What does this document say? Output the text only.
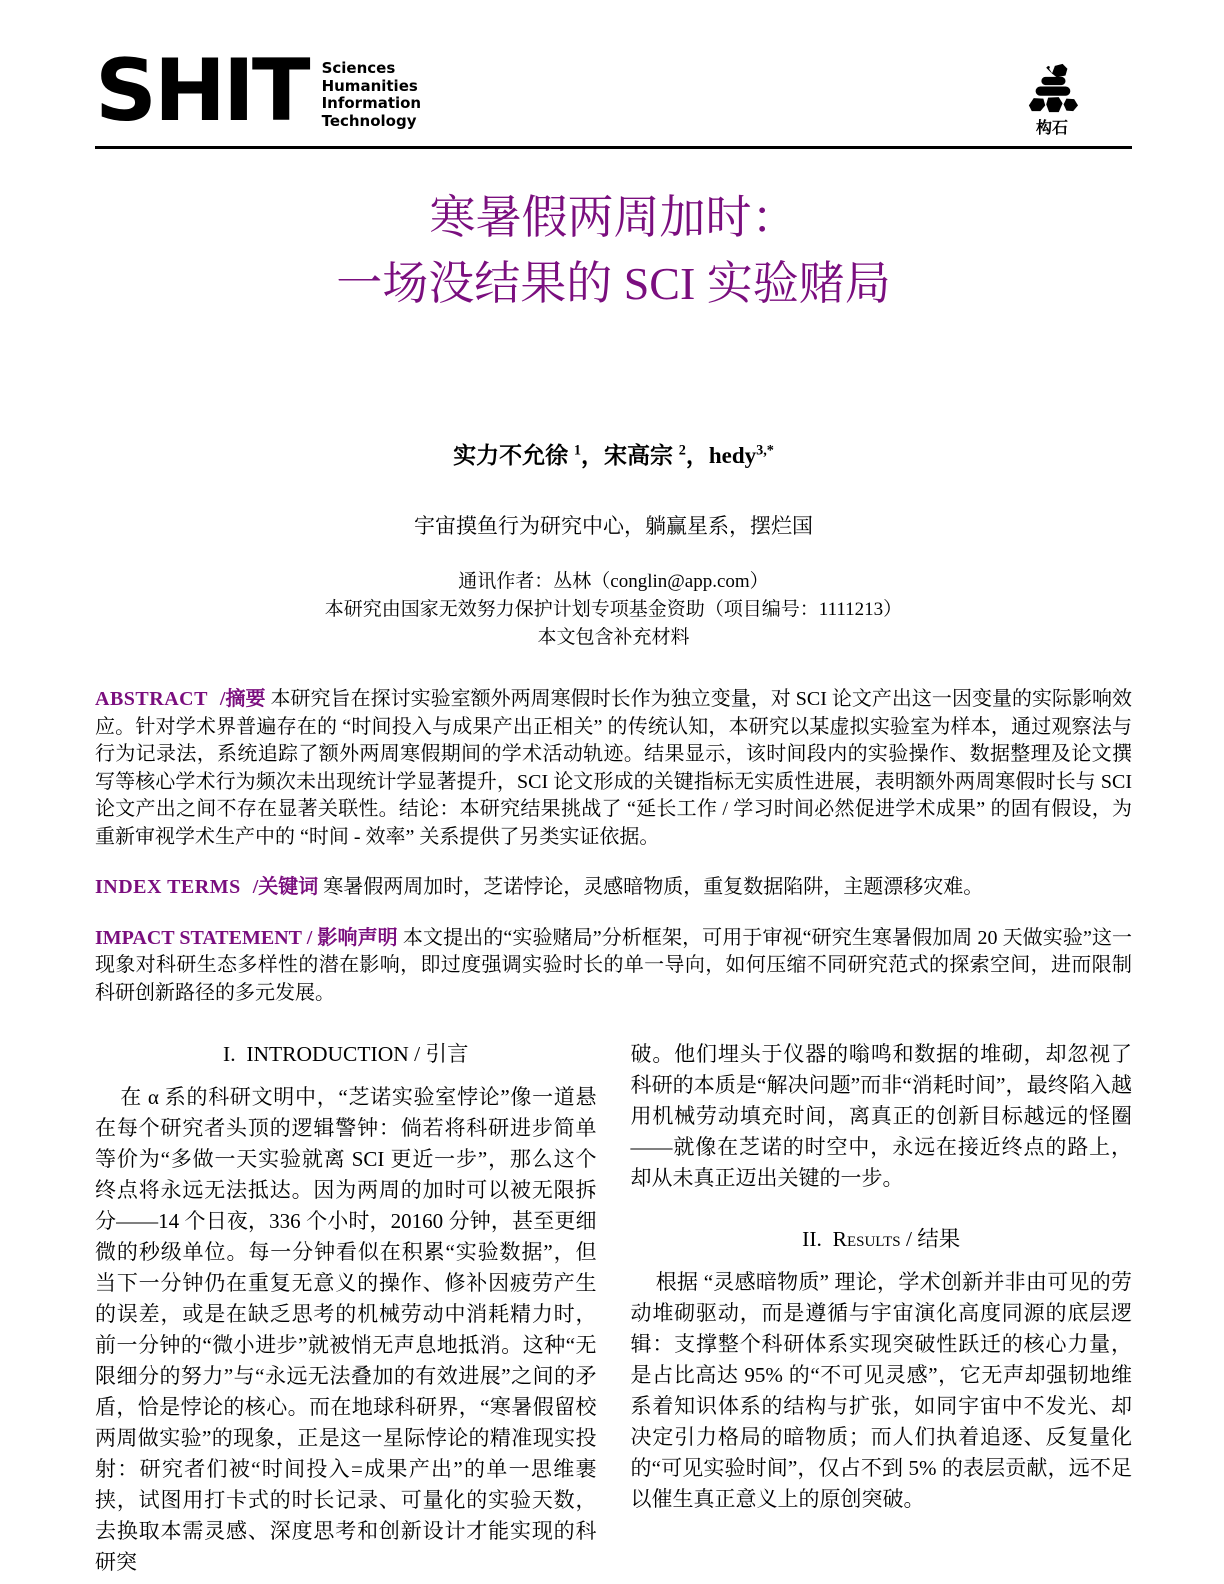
SHIT Sciences
Humanities
Information
Technology	构石
寒暑假两周加时：
一场没结果的 SCI 实验赌局
实力不允徐 $^1$，宋高宗 $^2$，hedy$^{3,*}$
宇宙摸鱼行为研究中心，躺赢星系，摆烂国
通讯作者：丛林（conglin@app.com）
本研究由国家无效努力保护计划专项基金资助（项目编号：1111213）
本文包含补充材料

ABSTRACT /摘要 本研究旨在探讨实验室额外两周寒假时长作为独立变量，对 SCI 论文产出这一因变量的实际影响效应。针对学术界普遍存在的 “时间投入与成果产出正相关” 的传统认知，本研究以某虚拟实验室为样本，通过观察法与行为记录法，系统追踪了额外两周寒假期间的学术活动轨迹。结果显示，该时间段内的实验操作、数据整理及论文撰写等核心学术行为频次未出现统计学显著提升，SCI 论文形成的关键指标无实质性进展，表明额外两周寒假时长与 SCI 论文产出之间不存在显著关联性。结论：本研究结果挑战了 “延长工作 / 学习时间必然促进学术成果” 的固有假设，为重新审视学术生产中的 “时间 - 效率” 关系提供了另类实证依据。

INDEX TERMS /关键词 寒暑假两周加时，芝诺悖论，灵感暗物质，重复数据陷阱，主题漂移灾难。

IMPACT STATEMENT / 影响声明 本文提出的“实验赌局”分析框架，可用于审视“研究生寒暑假加周 20 天做实验”这一现象对科研生态多样性的潜在影响，即过度强调实验时长的单一导向，如何压缩不同研究范式的探索空间，进而限制科研创新路径的多元发展。

I. INTRODUCTION / 引言

在 α 系的科研文明中，“芝诺实验室悖论”像一道悬在每个研究者头顶的逻辑警钟：倘若将科研进步简单等价为“多做一天实验就离 SCI 更近一步”，那么这个终点将永远无法抵达。因为两周的加时可以被无限拆分——14 个日夜，336 个小时，20160 分钟，甚至更细微的秒级单位。每一分钟看似在积累“实验数据”，但当下一分钟仍在重复无意义的操作、修补因疲劳产生的误差，或是在缺乏思考的机械劳动中消耗精力时，前一分钟的“微小进步”就被悄无声息地抵消。这种“无限细分的努力”与“永远无法叠加的有效进展”之间的矛盾，恰是悖论的核心。而在地球科研界，“寒暑假留校两周做实验”的现象，正是这一星际悖论的精准现实投射：研究者们被“时间投入=成果产出”的单一思维裹挟，试图用打卡式的时长记录、可量化的实验天数，去换取本需灵感、深度思考和创新设计才能实现的科研突

破。他们埋头于仪器的嗡鸣和数据的堆砌，却忽视了科研的本质是“解决问题”而非“消耗时间”，最终陷入越用机械劳动填充时间，离真正的创新目标越远的怪圈——就像在芝诺的时空中，永远在接近终点的路上，却从未真正迈出关键的一步。

II. Results / 结果

根据 “灵感暗物质” 理论，学术创新并非由可见的劳动堆砌驱动，而是遵循与宇宙演化高度同源的底层逻辑：支撑整个科研体系实现突破性跃迁的核心力量，是占比高达 95% 的“不可见灵感”，它无声却强韧地维系着知识体系的结构与扩张，如同宇宙中不发光、却决定引力格局的暗物质；而人们执着追逐、反复量化的“可见实验时间”，仅占不到 5% 的表层贡献，远不足以催生真正意义上的原创突破。
